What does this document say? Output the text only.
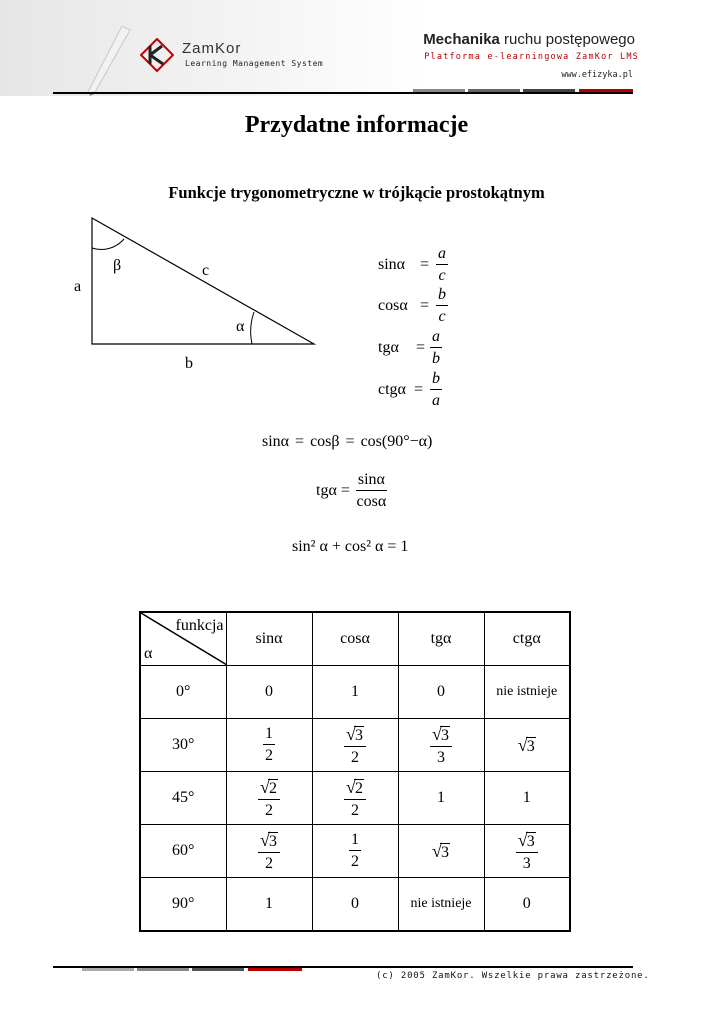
ZamKor
Learning Management System
Mechanika ruchu postępowego
Platforma e-learningowa ZamKor LMS
www.efizyka.pl
Przydatne informacje
Funkcje trygonometryczne w trójkącie prostokątnym
a
b
c
β
α
$\sin\alpha = \frac{a}{c}$
$\cos\alpha = \frac{b}{c}$
tgα	= $\frac{a}{b}$
$ctg\alpha = \frac{b}{a}$
sinα = cosβ = cos(90°−α)
$tg\alpha = \frac{\sin\alpha}{\cos\alpha}$
sin² α + cos² α = 1
funkcja
α	sinα	cosα	tgα	ctgα
0°	0	1	0	nie istnieje
30°	$\frac{1}{2}$	$\frac{√3}{2}$	$\frac{√3}{3}$	√3
45°	$\frac{√2}{2}$	$\frac{√2}{2}$	1	1
60°	$\frac{√3}{2}$	$\frac{1}{2}$	√3	$\frac{√3}{3}$

90°	1	0	nie istnieje	0
(c) 2005 ZamKor. Wszelkie prawa zastrzeżone.
